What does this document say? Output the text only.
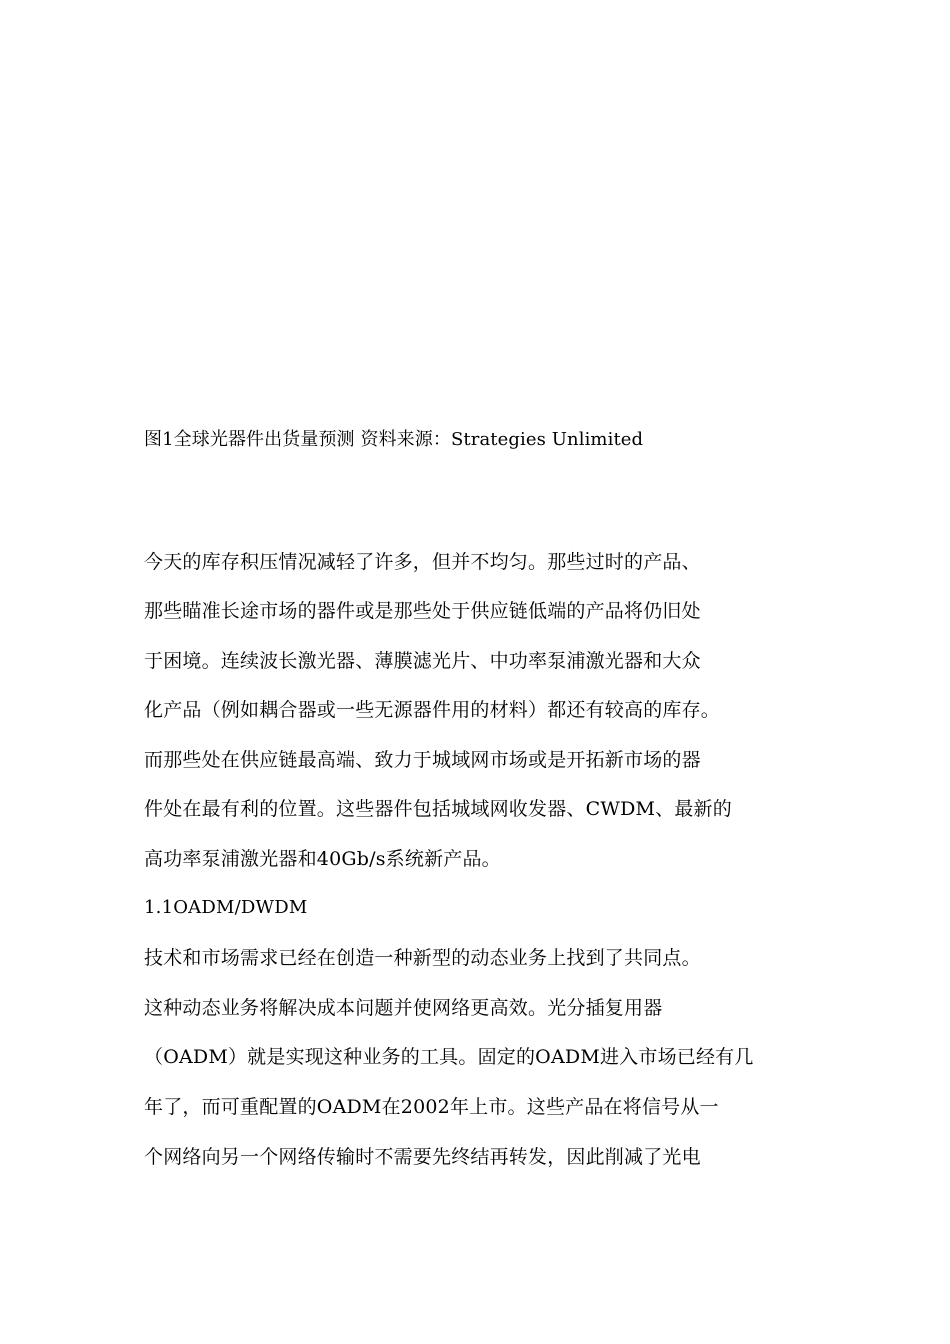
图1全球光器件出货量预测 资料来源：Strategies Unlimited
今天的库存积压情况减轻了许多，但并不均匀。那些过时的产品、
那些瞄准长途市场的器件或是那些处于供应链低端的产品将仍旧处
于困境。连续波长激光器、薄膜滤光片、中功率泵浦激光器和大众
化产品（例如耦合器或一些无源器件用的材料）都还有较高的库存。
而那些处在供应链最高端、致力于城域网市场或是开拓新市场的器
件处在最有利的位置。这些器件包括城域网收发器、CWDM、最新的
高功率泵浦激光器和40Gb/s系统新产品。
1.1OADM/DWDM
技术和市场需求已经在创造一种新型的动态业务上找到了共同点。
这种动态业务将解决成本问题并使网络更高效。光分插复用器
（OADM）就是实现这种业务的工具。固定的OADM进入市场已经有几
年了，而可重配置的OADM在2002年上市。这些产品在将信号从一
个网络向另一个网络传输时不需要先终结再转发，因此削减了光电
